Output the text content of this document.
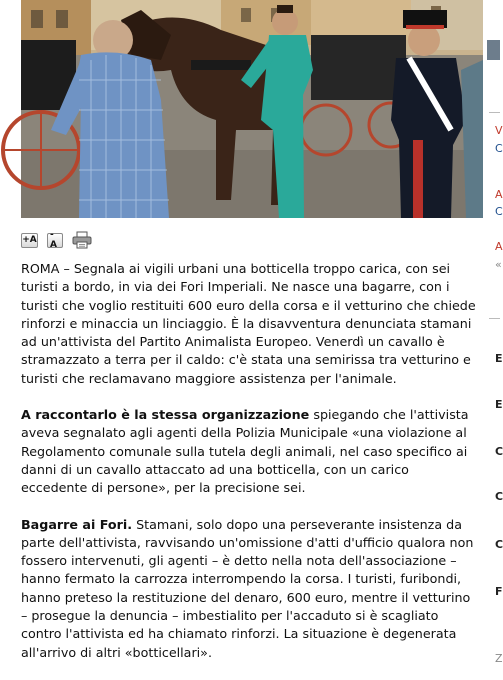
+A	-A

ROMA – Segnala ai vigili urbani una botticella troppo carica, con sei turisti a bordo, in via dei Fori Imperiali. Ne nasce una bagarre, con i turisti che voglio restituiti 600 euro della corsa e il vetturino che chiede rinforzi e minaccia un linciaggio. È la disavventura denunciata stamani ad un'attivista del Partito Animalista Europeo. Venerdì un cavallo è stramazzato a terra per il caldo: c'è stata una semirissa tra vetturino e turisti che reclamavano maggiore assistenza per l'animale.

A raccontarlo è la stessa organizzazione spiegando che l'attivista aveva segnalato agli agenti della Polizia Municipale «una violazione al Regolamento comunale sulla tutela degli animali, nel caso specifico ai danni di un cavallo attaccato ad una botticella, con un carico eccedente di persone», per la precisione sei.

Bagarre ai Fori. Stamani, solo dopo una perseverante insistenza da parte dell'attivista, ravvisando un'omissione d'atti d'ufficio qualora non fossero intervenuti, gli agenti – è detto nella nota dell'associazione – hanno fermato la carrozza interrompendo la corsa. I turisti, furibondi, hanno preteso la restituzione del denaro, 600 euro, mentre il vetturino – prosegue la denuncia – imbestialito per l'accaduto si è scagliato contro l'attivista ed ha chiamato rinforzi. La situazione è degenerata all'arrivo di altri «botticellari».

V
C
A
C
A
«
E
E
C
C
C
F
Z
